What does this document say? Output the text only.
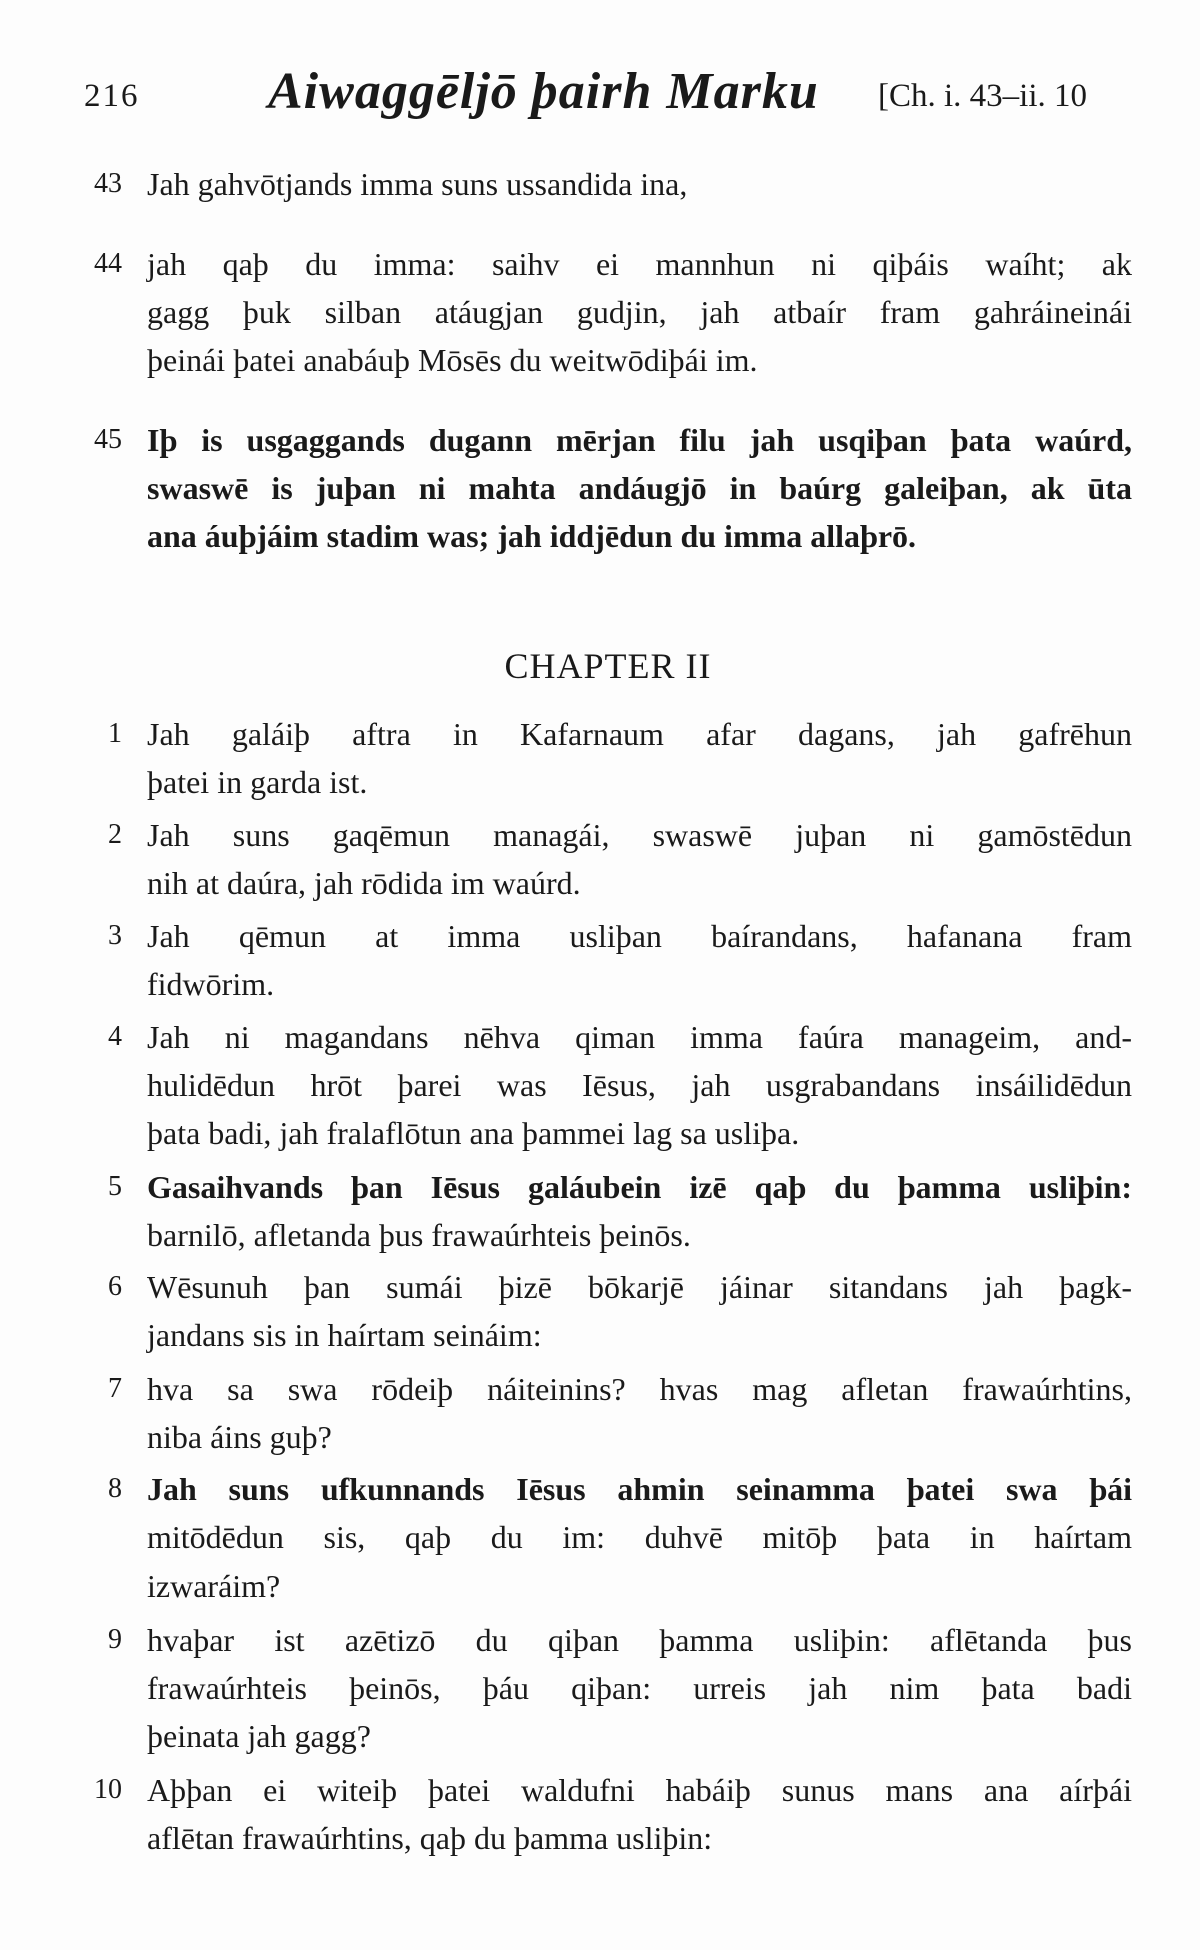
216 Aiwaggēljō þairh Marku [Ch. i. 43–ii. 10
43 Jah gahvōtjands imma suns ussandida ina,
44 jah qaþ du imma: saihv ei mannhun ni qiþáis waíht; ak
gagg þuk silban atáugjan gudjin, jah atbaír fram gahráineinái
þeinái þatei anabáuþ Mōsēs du weitwōdiþái im.
45 Iþ is usgaggands dugann mērjan filu jah usqiþan þata waúrd,
swaswē is juþan ni mahta andáugjō in baúrg galeiþan, ak ūta
ana áuþjáim stadim was; jah iddjēdun du imma allaþrō.
CHAPTER II
1 Jah galáiþ aftra in Kafarnaum afar dagans, jah gafrēhun
þatei in garda ist.
2 Jah suns gaqēmun managái, swaswē juþan ni gamōstēdun
nih at daúra, jah rōdida im waúrd.
3 Jah qēmun at imma usliþan baírandans, hafanana fram
fidwōrim.
4 Jah ni magandans nēhva qiman imma faúra manageim, and-
hulidēdun hrōt þarei was Iēsus, jah usgrabandans insáilidēdun
þata badi, jah fralaflōtun ana þammei lag sa usliþa.
5 Gasaihvands þan Iēsus galáubein izē qaþ du þamma usliþin:
barnilō, afletanda þus frawaúrhteis þeinōs.
6 Wēsunuh þan sumái þizē bōkarjē jáinar sitandans jah þagk-
jandans sis in haírtam seináim:
7 hva sa swa rōdeiþ náiteinins? hvas mag afletan frawaúrhtins,
niba áins guþ?
8 Jah suns ufkunnands Iēsus ahmin seinamma þatei swa þái
mitōdēdun sis, qaþ du im: duhvē mitōþ þata in haírtam
izwaráim?
9 hvaþar ist azētizō du qiþan þamma usliþin: aflētanda þus
frawaúrhteis þeinōs, þáu qiþan: urreis jah nim þata badi
þeinata jah gagg?
10 Aþþan ei witeiþ þatei waldufni habáiþ sunus mans ana aírþái
aflētan frawaúrhtins, qaþ du þamma usliþin:
